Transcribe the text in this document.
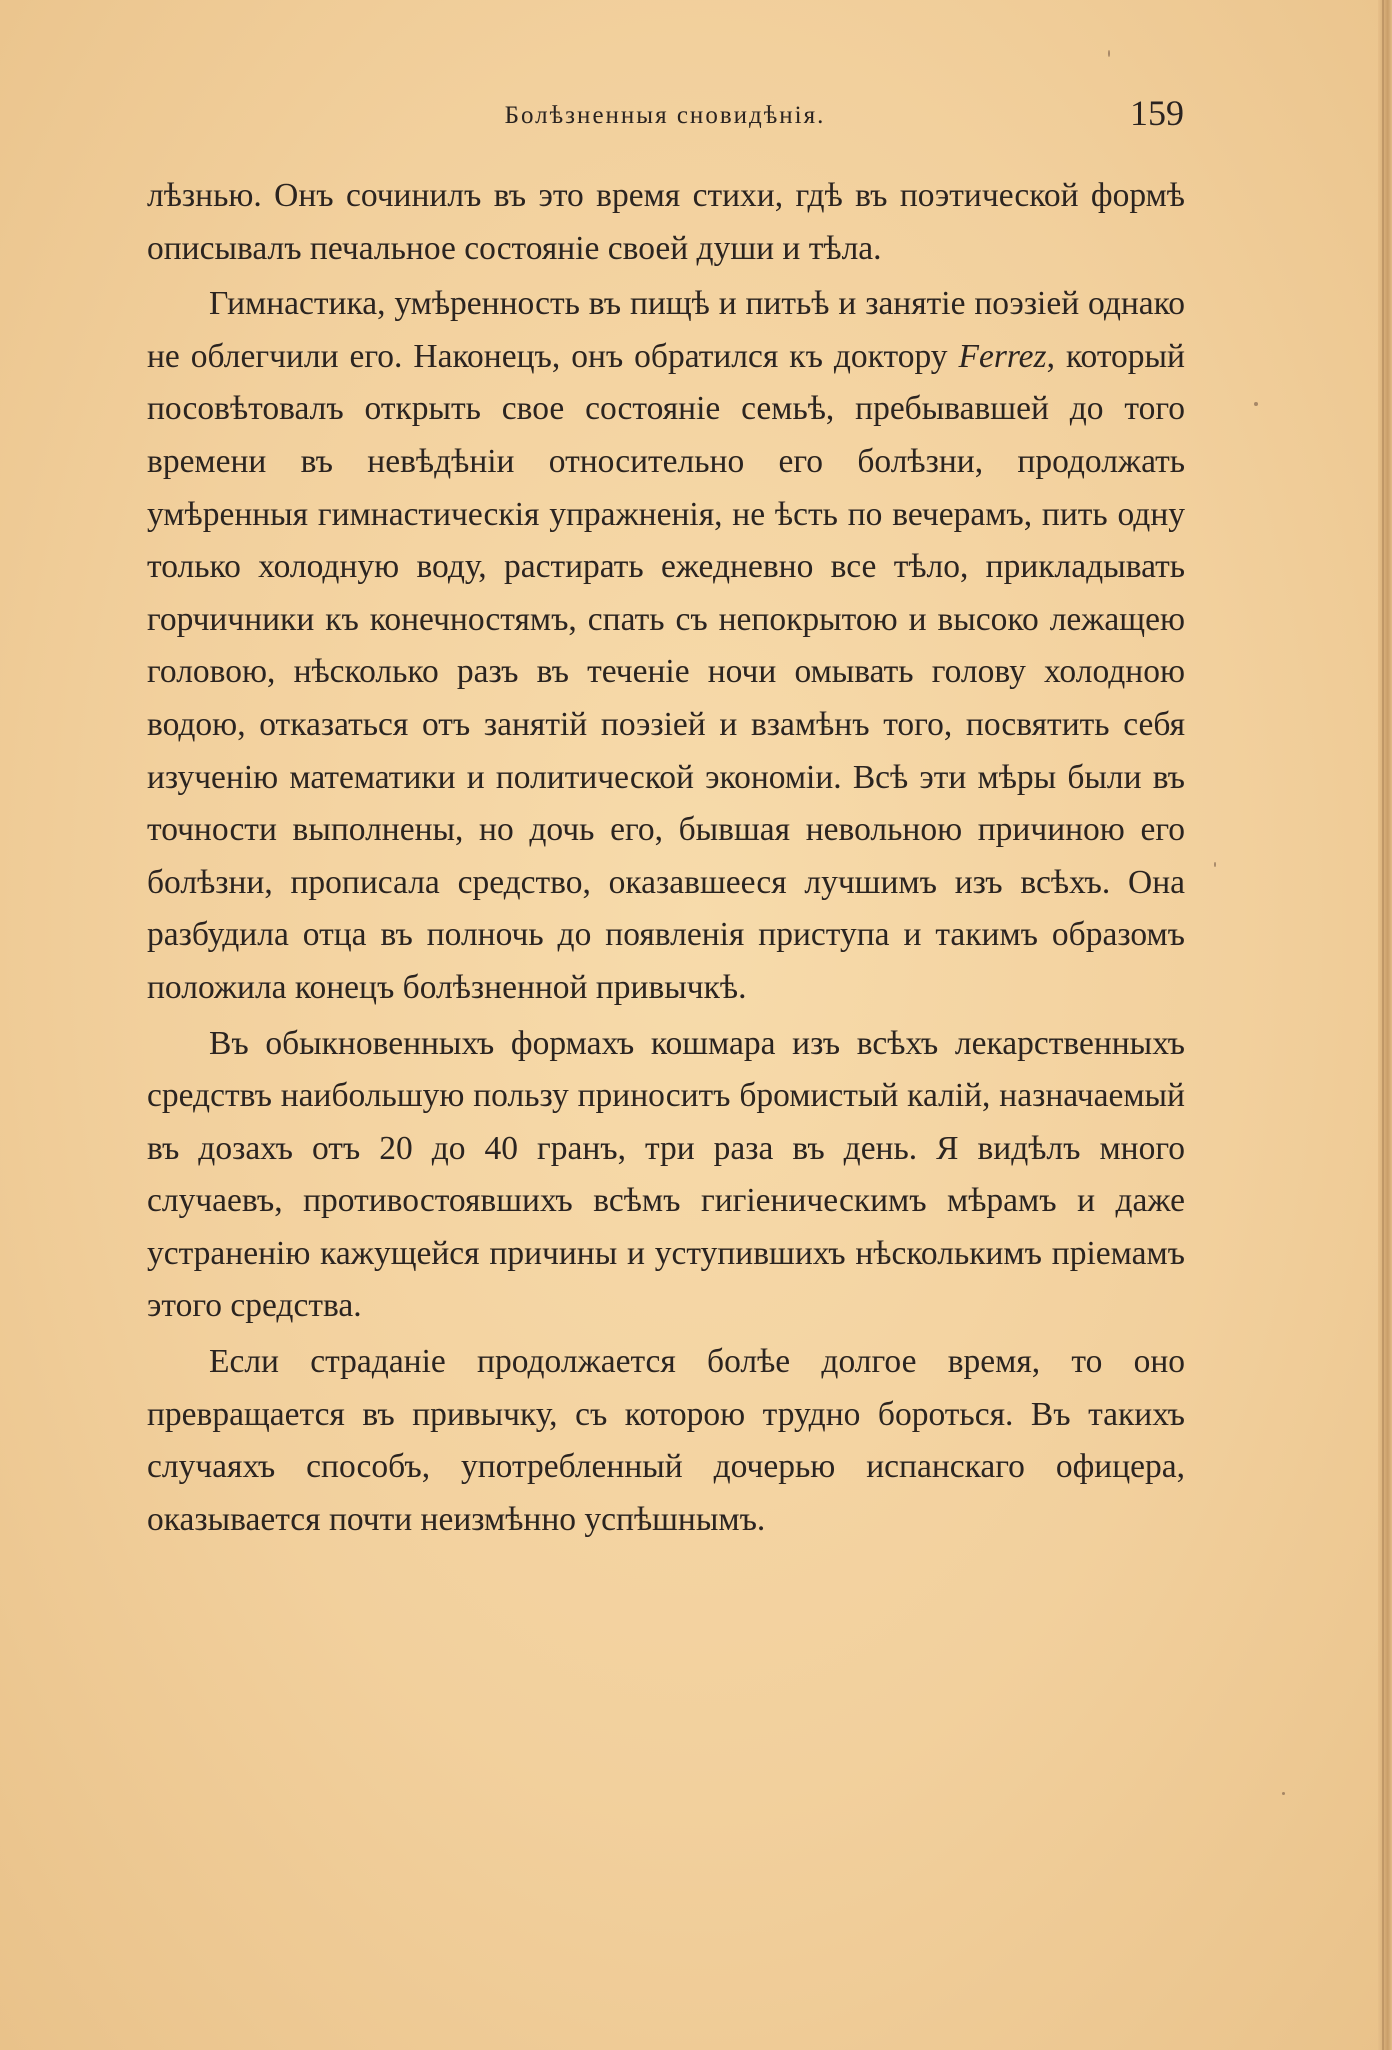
Болѣзненныя сновидѣнія.	159

лѣзнью. Онъ сочинилъ въ это время стихи, гдѣ въ поэтической формѣ описывалъ печальное состояніе своей души и тѣла.

Гимнастика, умѣренность въ пищѣ и питьѣ и занятіе поэзіей однако не облегчили его. Наконецъ, онъ обратился къ доктору Ferrez, который посовѣтовалъ открыть свое состояніе семьѣ, пребывавшей до того времени въ невѣдѣніи относительно его болѣзни, продолжать умѣренныя гимнастическія упражненія, не ѣсть по вечерамъ, пить одну только холодную воду, растирать ежедневно все тѣло, прикладывать горчичники къ конечностямъ, спать съ непокрытою и высоко лежащею головою, нѣсколько разъ въ теченіе ночи омывать голову холодною водою, отказаться отъ занятій поэзіей и взамѣнъ того, посвятить себя изученію математики и политической экономіи. Всѣ эти мѣры были въ точности выполнены, но дочь его, бывшая невольною причиною его болѣзни, прописала средство, оказавшееся лучшимъ изъ всѣхъ. Она разбудила отца въ полночь до появленія приступа и такимъ образомъ положила конецъ болѣзненной привычкѣ.

Въ обыкновенныхъ формахъ кошмара изъ всѣхъ лекарственныхъ средствъ наибольшую пользу приноситъ бромистый калій, назначаемый въ дозахъ отъ 20 до 40 гранъ, три раза въ день. Я видѣлъ много случаевъ, противостоявшихъ всѣмъ гигіеническимъ мѣрамъ и даже устраненію кажущейся причины и уступившихъ нѣсколькимъ пріемамъ этого средства.

Если страданіе продолжается болѣе долгое время, то оно превращается въ привычку, съ которою трудно бороться. Въ такихъ случаяхъ способъ, употребленный дочерью испанскаго офицера, оказывается почти неизмѣнно успѣшнымъ.
